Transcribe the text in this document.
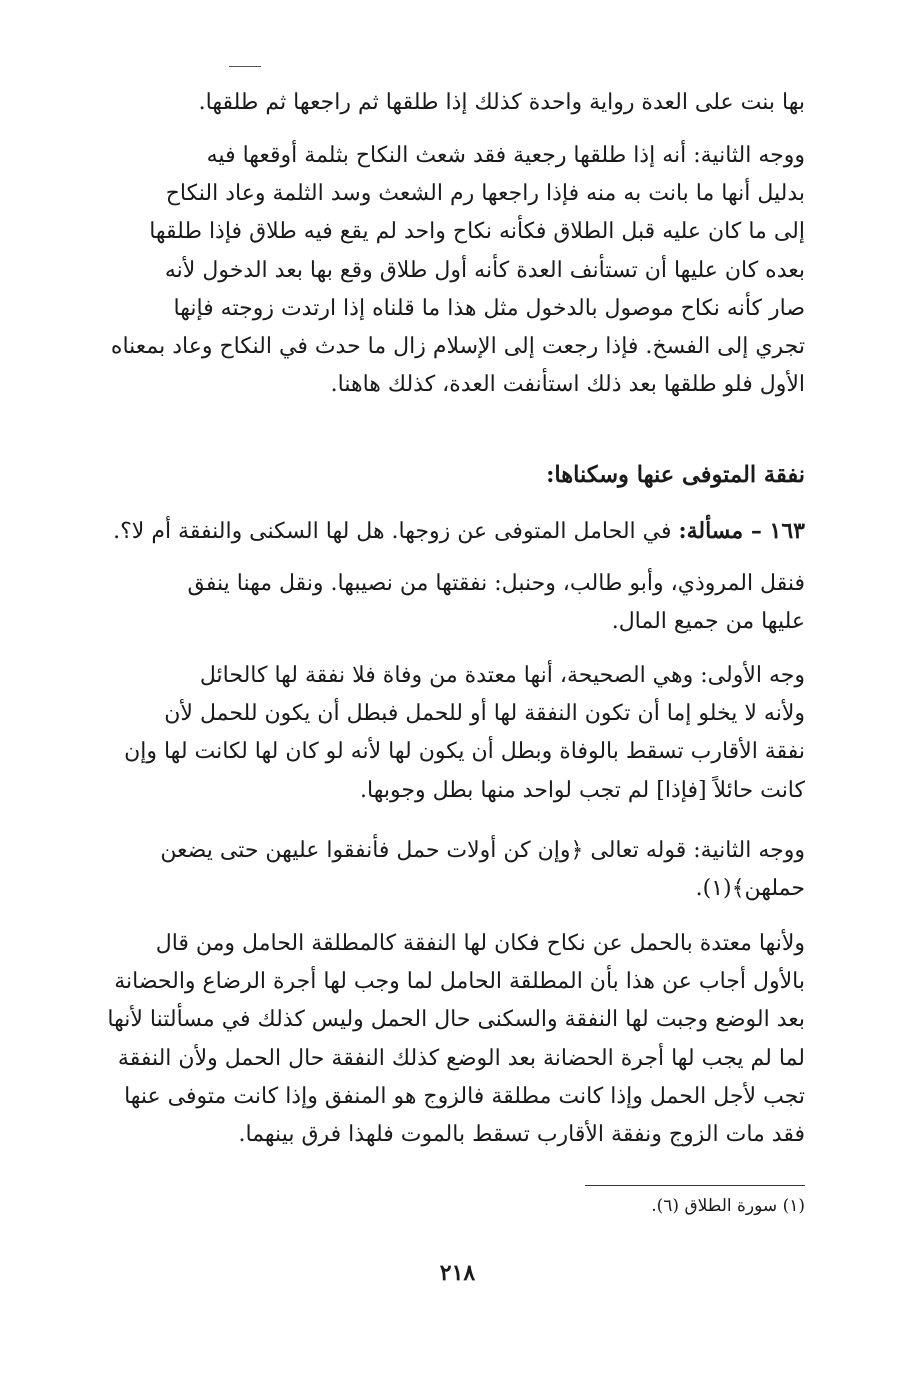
بها بنت على العدة رواية واحدة كذلك إذا طلقها ثم راجعها ثم طلقها.
ووجه الثانية: أنه إذا طلقها رجعية فقد شعث النكاح بثلمة أوقعها فيه
بدليل أنها ما بانت به منه فإذا راجعها رم الشعث وسد الثلمة وعاد النكاح
إلى ما كان عليه قبل الطلاق فكأنه نكاح واحد لم يقع فيه طلاق فإذا طلقها
بعده كان عليها أن تستأنف العدة كأنه أول طلاق وقع بها بعد الدخول لأنه
صار كأنه نكاح موصول بالدخول مثل هذا ما قلناه إذا ارتدت زوجته فإنها
تجري إلى الفسخ. فإذا رجعت إلى الإسلام زال ما حدث في النكاح وعاد بمعناه
الأول فلو طلقها بعد ذلك استأنفت العدة، كذلك هاهنا.
نفقة المتوفى عنها وسكناها:
١٦٣ – مسألة: في الحامل المتوفى عن زوجها. هل لها السكنى والنفقة أم لا؟.
فنقل المروذي، وأبو طالب، وحنبل: نفقتها من نصيبها. ونقل مهنا ينفق
عليها من جميع المال.
وجه الأولى: وهي الصحيحة، أنها معتدة من وفاة فلا نفقة لها كالحائل
ولأنه لا يخلو إما أن تكون النفقة لها أو للحمل فبطل أن يكون للحمل لأن
نفقة الأقارب تسقط بالوفاة وبطل أن يكون لها لأنه لو كان لها لكانت لها وإن
كانت حائلاً [فإذا] لم تجب لواحد منها بطل وجوبها.
ووجه الثانية: قوله تعالى ﴿وإن كن أولات حمل فأنفقوا عليهن حتى يضعن
حملهن﴾(١).
ولأنها معتدة بالحمل عن نكاح فكان لها النفقة كالمطلقة الحامل ومن قال
بالأول أجاب عن هذا بأن المطلقة الحامل لما وجب لها أجرة الرضاع والحضانة
بعد الوضع وجبت لها النفقة والسكنى حال الحمل وليس كذلك في مسألتنا لأنها
لما لم يجب لها أجرة الحضانة بعد الوضع كذلك النفقة حال الحمل ولأن النفقة
تجب لأجل الحمل وإذا كانت مطلقة فالزوج هو المنفق وإذا كانت متوفى عنها
فقد مات الزوج ونفقة الأقارب تسقط بالموت فلهذا فرق بينهما.
(١) سورة الطلاق (٦).
٢١٨
